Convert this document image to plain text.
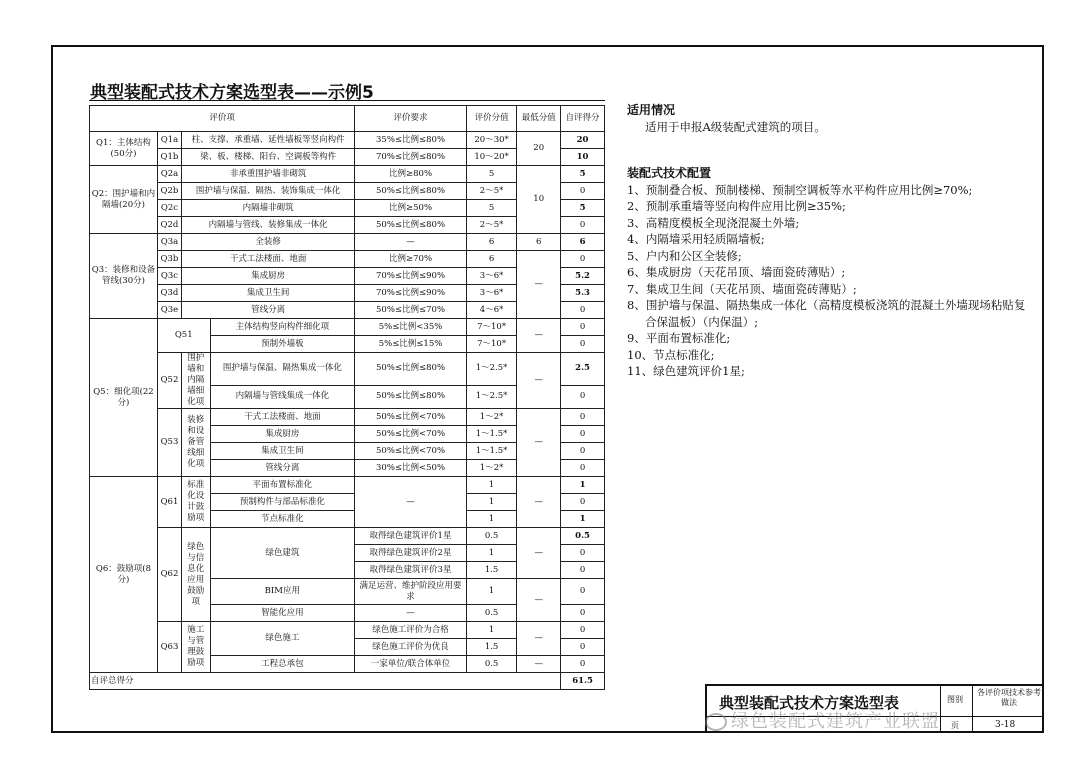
典型装配式技术方案选型表——示例5
评价项				评价要求	评价分值	最低分值	自评得分
Q1：主体结构(50分)	Q1a	柱、支撑、承重墙、延性墙板等竖向构件		35%≤比例≤80%	20～30*	20	20
	Q1b	梁、板、楼梯、阳台、空调板等构件		70%≤比例≤80%	10～20*		10
Q2：围护墙和内隔墙(20分)	Q2a	非承重围护墙非砌筑		比例≥80%	5	10	5
	Q2b	围护墙与保温、隔热、装饰集成一体化		50%≤比例≤80%	2～5*		0
	Q2c	内隔墙非砌筑		比例≥50%	5		5
	Q2d	内隔墙与管线、装修集成一体化		50%≤比例≤80%	2～5*		0
Q3：装修和设备管线(30分)	Q3a	全装修		—	6	6	6
	Q3b	干式工法楼面、地面		比例≥70%	6	—	0
	Q3c	集成厨房		70%≤比例≤90%	3～6*		5.2
	Q3d	集成卫生间		70%≤比例≤90%	3～6*		5.3
	Q3e	管线分离		50%≤比例≤70%	4～6*		0
Q5：细化项(22分)	Q51		主体结构竖向构件细化项	5%≤比例<35%	7～10*	—	0
			预制外墙板	5%≤比例≤15%	7～10*		0
	Q52	围护墙和内隔墙细化项	围护墙与保温、隔热集成一体化	50%≤比例≤80%	1～2.5*	—	2.5
			内隔墙与管线集成一体化	50%≤比例≤80%	1～2.5*		0
	Q53	装修和设备管线细化项	干式工法楼面、地面	50%≤比例<70%	1～2*	—	0
			集成厨房	50%≤比例<70%	1～1.5*		0
			集成卫生间	50%≤比例<70%	1～1.5*		0
			管线分离	30%≤比例<50%	1～2*		0
Q6：鼓励项(8分)	Q61	标准化设计鼓励项	平面布置标准化	—	1	—	1
			预制构件与部品标准化		1		0
			节点标准化		1		1
	Q62	绿色与信息化应用鼓励项	绿色建筑	取得绿色建筑评价1星	0.5	—	0.5
				取得绿色建筑评价2星	1		0
				取得绿色建筑评价3星	1.5		0
			BIM应用	满足运营、维护阶段应用要求	1	—	0
			智能化应用	—	0.5		0
	Q63	施工与管理鼓励项	绿色施工	绿色施工评价为合格	1	—	0
				绿色施工评价为优良	1.5		0
			工程总承包	一家单位/联合体单位	0.5	—	0
自评总得分							61.5
适用情况
适用于申报A级装配式建筑的项目。
装配式技术配置
1、预制叠合板、预制楼梯、预制空调板等水平构件应用比例≥70%;
2、预制承重墙等竖向构件应用比例≥35%;
3、高精度模板全现浇混凝土外墙;
4、内隔墙采用轻质隔墙板;
5、户内和公区全装修;
6、集成厨房（天花吊顶、墙面瓷砖薄贴）;
7、集成卫生间（天花吊顶、墙面瓷砖薄贴）;
8、围护墙与保温、隔热集成一体化（高精度模板浇筑的混凝土外墙现场粘贴复合保温板）（内保温）;
9、平面布置标准化;
10、节点标准化;
11、绿色建筑评价1星;
典型装配式技术方案选型表	图别
各评价项技术参考做法
页	3-18
绿色装配式建筑产业联盟
